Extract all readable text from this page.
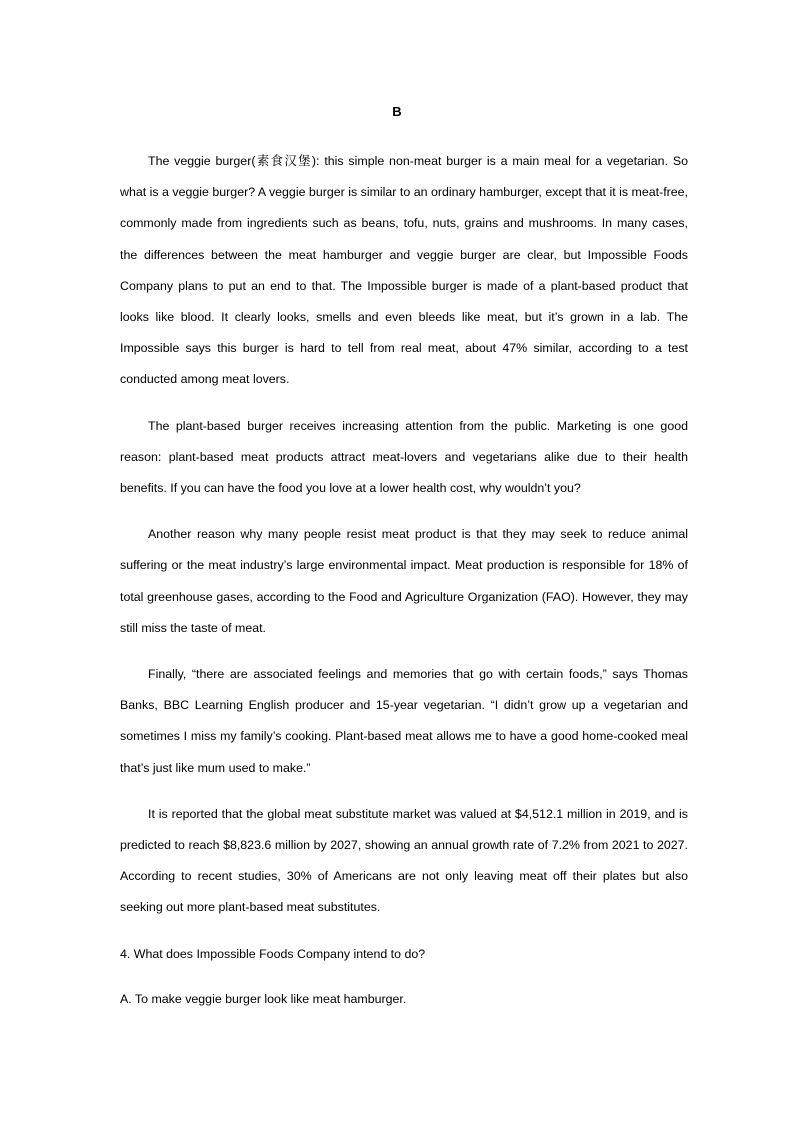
B

The veggie burger(素食汉堡): this simple non-meat burger is a main meal for a vegetarian. So what is a veggie burger? A veggie burger is similar to an ordinary hamburger, except that it is meat-free, commonly made from ingredients such as beans, tofu, nuts, grains and mushrooms. In many cases, the differences between the meat hamburger and veggie burger are clear, but Impossible Foods Company plans to put an end to that. The Impossible burger is made of a plant-based product that looks like blood. It clearly looks, smells and even bleeds like meat, but it’s grown in a lab. The Impossible says this burger is hard to tell from real meat, about 47% similar, according to a test conducted among meat lovers.

The plant-based burger receives increasing attention from the public. Marketing is one good reason: plant-based meat products attract meat-lovers and vegetarians alike due to their health benefits. If you can have the food you love at a lower health cost, why wouldn’t you?

Another reason why many people resist meat product is that they may seek to reduce animal suffering or the meat industry’s large environmental impact. Meat production is responsible for 18% of total greenhouse gases, according to the Food and Agriculture Organization (FAO). However, they may still miss the taste of meat.

Finally, “there are associated feelings and memories that go with certain foods,” says Thomas Banks, BBC Learning English producer and 15-year vegetarian. “I didn’t grow up a vegetarian and sometimes I miss my family’s cooking. Plant-based meat allows me to have a good home-cooked meal that’s just like mum used to make.”

It is reported that the global meat substitute market was valued at $4,512.1 million in 2019, and is predicted to reach $8,823.6 million by 2027, showing an annual growth rate of 7.2% from 2021 to 2027. According to recent studies, 30% of Americans are not only leaving meat off their plates but also seeking out more plant-based meat substitutes.

4. What does Impossible Foods Company intend to do?

A. To make veggie burger look like meat hamburger.
